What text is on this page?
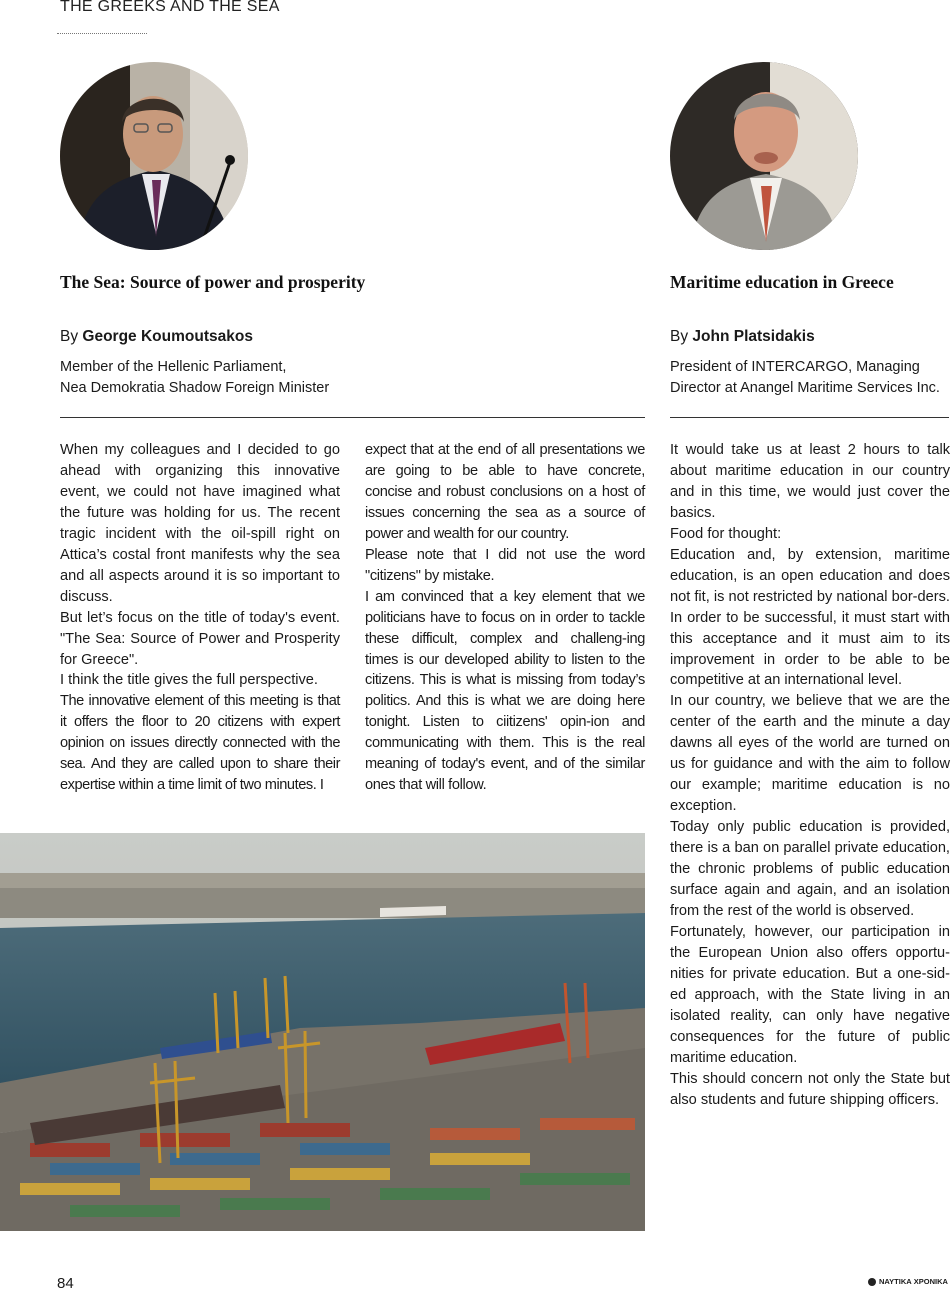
THE GREEKS AND THE SEA
The Sea: Source of power and prosperity
By George Koumoutsakos
Member of the Hellenic Parliament,
Nea Demokratia Shadow Foreign Minister
Maritime education in Greece
By John Platsidakis
President of INTERCARGO, Managing
Director at Anangel Maritime Services Inc.

When my colleagues and I decided to go ahead with organizing this innovative event, we could not have imagined what the future was holding for us. The recent tragic incident with the oil-spill right on Attica’s costal front manifests why the sea and all aspects around it is so important to discuss.

But let’s focus on the title of today's event. "The Sea: Source of Power and Prosperity for Greece".

I think the title gives the full perspective.

The innovative element of this meeting is that it offers the floor to 20 citizens with expert opinion on issues directly connected with the sea. And they are called upon to share their expertise within a time limit of two minutes. I

expect that at the end of all presentations we are going to be able to have concrete, concise and robust conclusions on a host of issues concerning the sea as a source of power and wealth for our country.

Please note that I did not use the word "citizens" by mistake.

I am convinced that a key element that we politicians have to focus on in order to tackle these difficult, complex and challeng-ing times is our developed ability to listen to the citizens. This is what is missing from today’s politics. And this is what we are doing here tonight. Listen to ciitizens' opin-ion and communicating with them. This is the real meaning of today's event, and of the similar ones that will follow.

It would take us at least 2 hours to talk about maritime education in our country and in this time, we would just cover the basics.

Food for thought:

Education and, by extension, maritime education, is an open education and does not fit, is not restricted by national bor-ders. In order to be successful, it must start with this acceptance and it must aim to its improvement in order to be able to be competitive at an international level.

In our country, we believe that we are the center of the earth and the minute a day dawns all eyes of the world are turned on us for guidance and with the aim to follow our example; maritime education is no exception.

Today only public education is provided, there is a ban on parallel private education, the chronic problems of public education surface again and again, and an isolation from the rest of the world is observed.

Fortunately, however, our participation in the European Union also offers opportu-nities for private education. But a one-sid-ed approach, with the State living in an isolated reality, can only have negative consequences for the future of public maritime education.

This should concern not only the State but also students and future shipping officers.

84	ΝΑΥΤΙΚΑ ΧΡΟΝΙΚΑ
